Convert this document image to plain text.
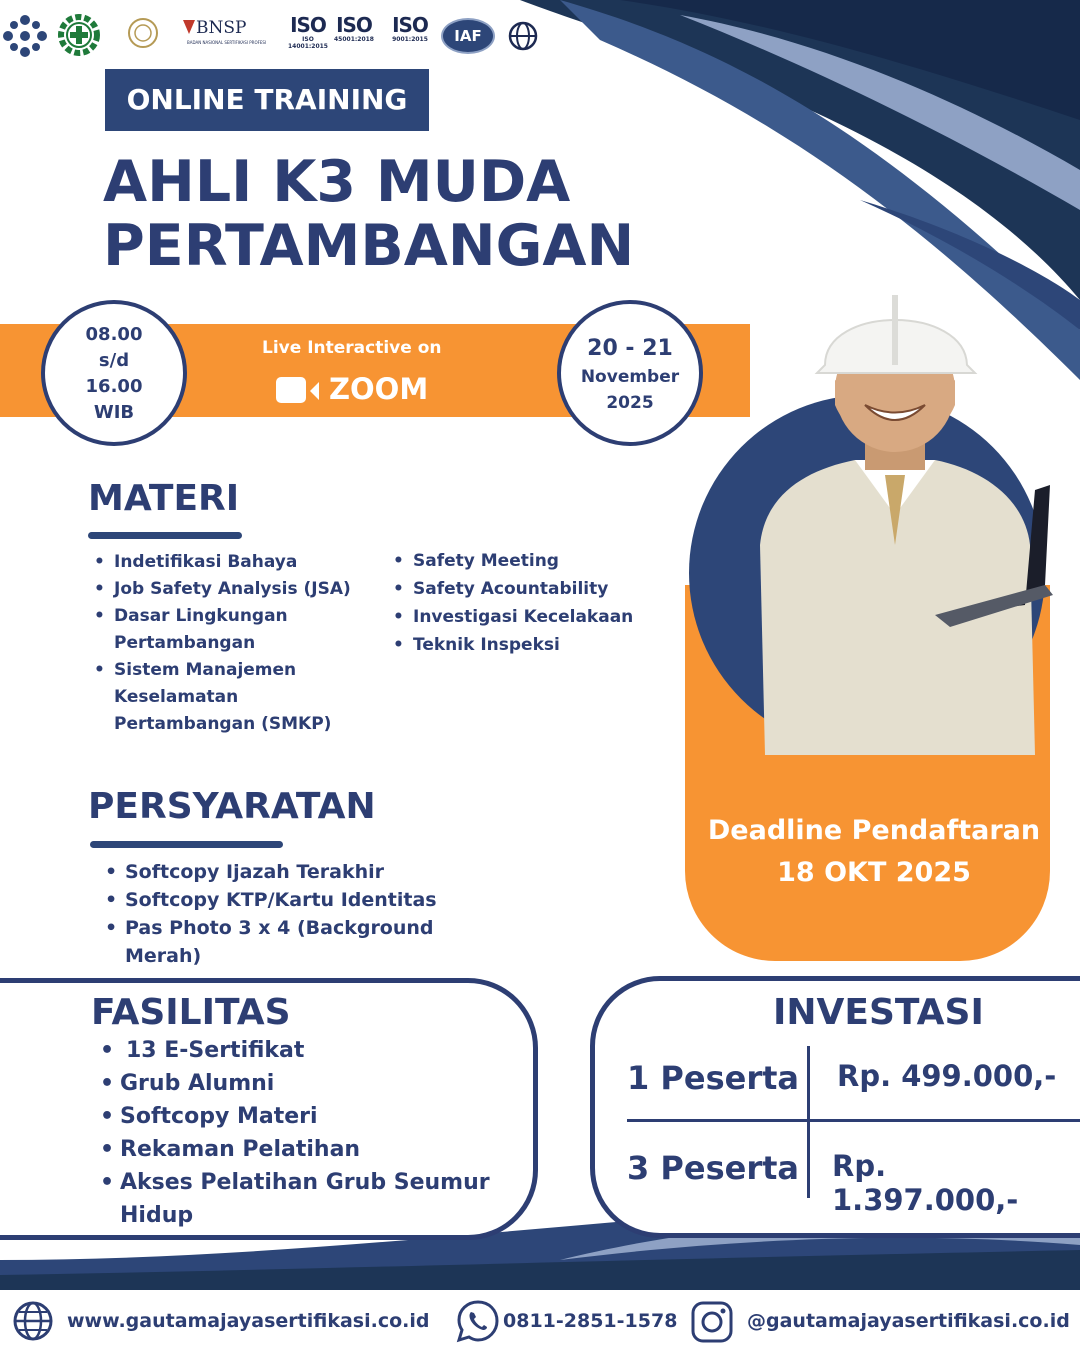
BNSP
BADAN NASIONAL SERTIFIKASI PROFESI
ISO
ISO 14001:2015
ISO
45001:2018
ISO
9001:2015	IAF	UAF
ONLINE TRAINING
AHLI K3 MUDA
PERTAMBANGAN
08.00
s/d
16.00
WIB
Live Interactive on
ZOOM
20 - 21
November
2025
Deadline Pendaftaran
18 OKT 2025
MATERI
• Indetifikasi Bahaya
• Job Safety Analysis (JSA)
• Dasar Lingkungan Pertambangan
• Sistem Manajemen Keselamatan Pertambangan (SMKP)
• Safety Meeting
• Safety Acountability
• Investigasi Kecelakaan
• Teknik Inspeksi
PERSYARATAN
• Softcopy Ijazah Terakhir
• Softcopy KTP/Kartu Identitas
• Pas Photo 3 x 4 (Background Merah)
FASILITAS
• 13 E-Sertifikat
• Grub Alumni
• Softcopy Materi
• Rekaman Pelatihan
• Akses Pelatihan Grub Seumur Hidup
INVESTASI
1 Peserta Rp. 499.000,-
3 Peserta Rp. 1.397.000,-
www.gautamajayasertifikasi.co.id	0811-2851-1578	@gautamajayasertifikasi.co.id
